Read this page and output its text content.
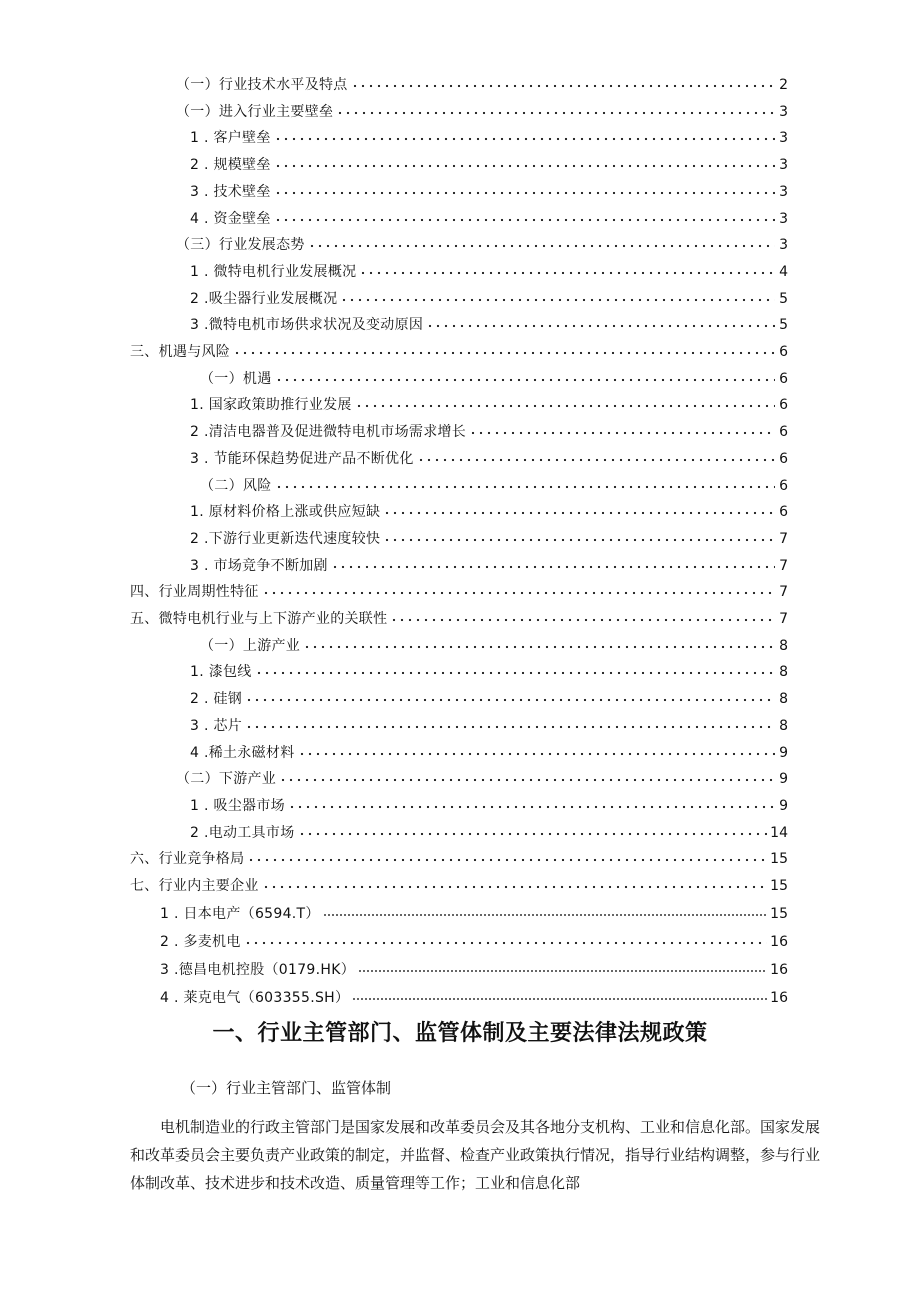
（一）行业技术水平及特点	2
（一）进入行业主要壁垒	3
1 . 客户壁垒	3
2 . 规模壁垒	3
3 . 技术壁垒	3
4 . 资金壁垒	3
（三）行业发展态势	3
1 . 微特电机行业发展概况	4
2 .吸尘器行业发展概况	5
3 .微特电机市场供求状况及变动原因	5
三、机遇与风险	6
（一）机遇	6
1. 国家政策助推行业发展	6
2 .清洁电器普及促进微特电机市场需求增长	6
3 . 节能环保趋势促进产品不断优化	6
（二）风险	6
1. 原材料价格上涨或供应短缺	6
2 .下游行业更新迭代速度较快	7
3 . 市场竞争不断加剧	7
四、行业周期性特征	7
五、微特电机行业与上下游产业的关联性	7
（一）上游产业	8
1. 漆包线	8
2 . 硅钢	8
3 . 芯片	8
4 .稀土永磁材料	9
（二）下游产业	9
1 . 吸尘器市场	9
2 .电动工具市场	14
六、行业竞争格局	15
七、行业内主要企业	15
1 . 日本电产（6594.T）	15
2 . 多麦机电	16
3 .德昌电机控股（0179.HK）	16
4 . 莱克电气（603355.SH）	16
一、行业主管部门、监管体制及主要法律法规政策
（一）行业主管部门、监管体制

电机制造业的行政主管部门是国家发展和改革委员会及其各地分支机构、工业和信息化部。国家发展和改革委员会主要负责产业政策的制定，并监督、检查产业政策执行情况，指导行业结构调整，参与行业体制改革、技术进步和技术改造、质量管理等工作；工业和信息化部
